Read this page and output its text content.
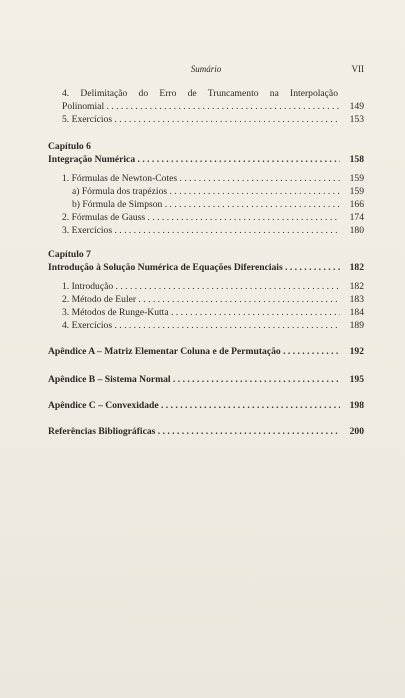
Sumário	VII
4. Delimitação do Erro de Truncamento na Interpolação
Polinomial . . .	149
5. Exercícios . . .	153
Capítulo 6
Integração Numérica . . .	158
1. Fórmulas de Newton-Cotes . . .	159
a) Fórmula dos trapézios . . .	159
b) Fórmula de Simpson . . .	166
2. Fórmulas de Gauss . . .	174
3. Exercícios . . .	180
Capítulo 7
Introdução à Solução Numérica de Equações Diferenciais . . .	182
1. Introdução . . .	182
2. Método de Euler . . .	183
3. Métodos de Runge-Kutta . . .	184
4. Exercícios . . .	189
Apêndice A – Matriz Elementar Coluna e de Permutação . . .	192
Apêndice B – Sistema Normal . . .	195
Apêndice C – Convexidade . . .	198
Referências Bibliográficas . . .	200
